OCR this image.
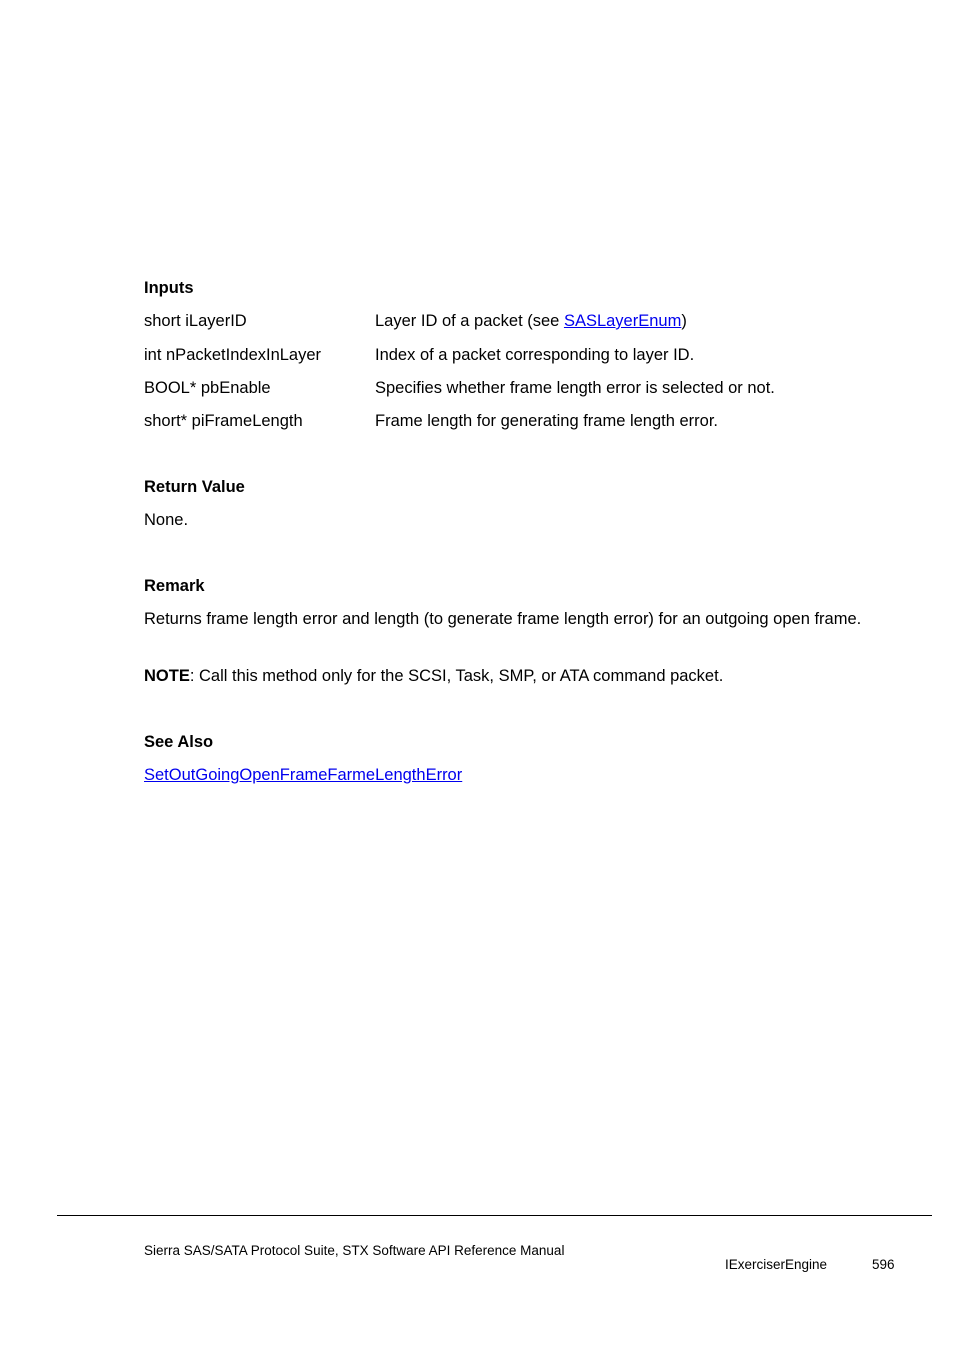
Inputs
short iLayerID	Layer ID of a packet (see SASLayerEnum)
int nPacketIndexInLayer	Index of a packet corresponding to layer ID.
BOOL* pbEnable	Specifies whether frame length error is selected or not.
short* piFrameLength	Frame length for generating frame length error.
Return Value
None.
Remark
Returns frame length error and length (to generate frame length error) for an outgoing open frame.
NOTE: Call this method only for the SCSI, Task, SMP, or ATA command packet.
See Also
SetOutGoingOpenFrameFarmeLengthError
Sierra SAS/SATA Protocol Suite, STX Software API Reference Manual
IExerciserEngine	596
